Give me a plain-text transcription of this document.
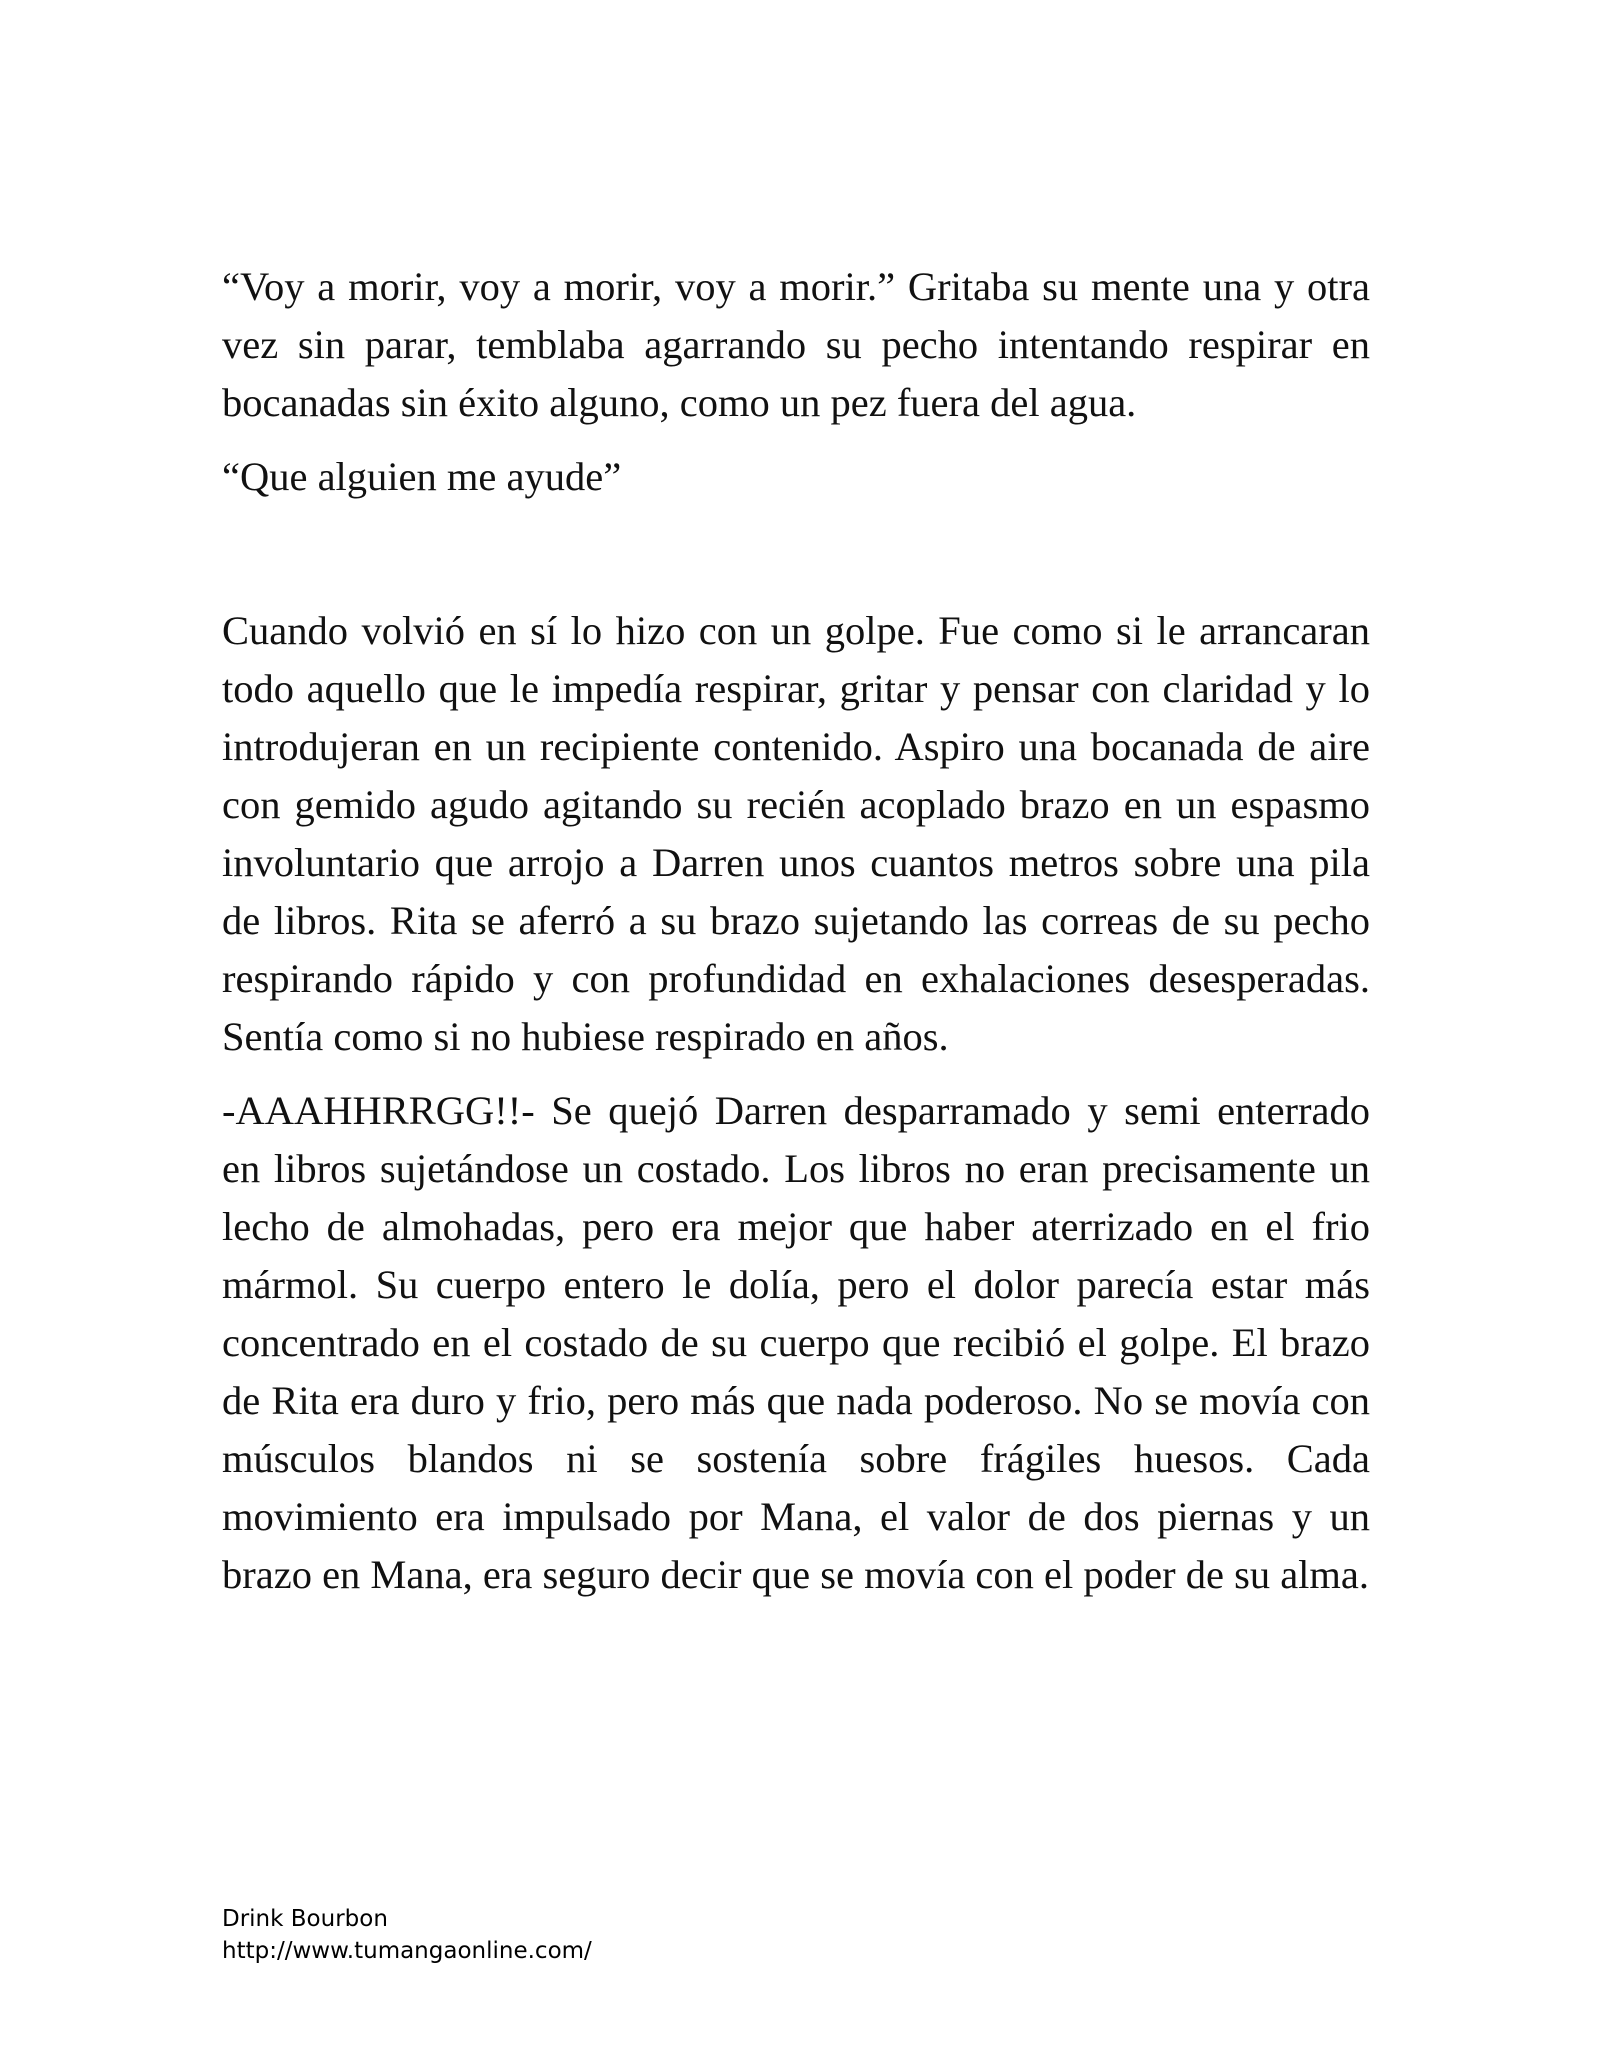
“Voy a morir, voy a morir, voy a morir.” Gritaba su mente una y otra vez sin parar, temblaba agarrando su pecho intentando respirar en bocanadas sin éxito alguno, como un pez fuera del agua.

“Que alguien me ayude”

Cuando volvió en sí lo hizo con un golpe. Fue como si le arrancaran todo aquello que le impedía respirar, gritar y pensar con claridad y lo introdujeran en un recipiente contenido. Aspiro una bocanada de aire con gemido agudo agitando su recién acoplado brazo en un espasmo involuntario que arrojo a Darren unos cuantos metros sobre una pila de libros. Rita se aferró a su brazo sujetando las correas de su pecho respirando rápido y con profundidad en exhalaciones desesperadas. Sentía como si no hubiese respirado en años.

-AAAHHRRGG!!- Se quejó Darren desparramado y semi enterrado en libros sujetándose un costado. Los libros no eran precisamente un lecho de almohadas, pero era mejor que haber aterrizado en el frio mármol. Su cuerpo entero le dolía, pero el dolor parecía estar más concentrado en el costado de su cuerpo que recibió el golpe. El brazo de Rita era duro y frio, pero más que nada poderoso. No se movía con músculos blandos ni se sostenía sobre frágiles huesos. Cada movimiento era impulsado por Mana, el valor de dos piernas y un brazo en Mana, era seguro decir que se movía con el poder de su alma.

Drink Bourbon
http://www.tumangaonline.com/
